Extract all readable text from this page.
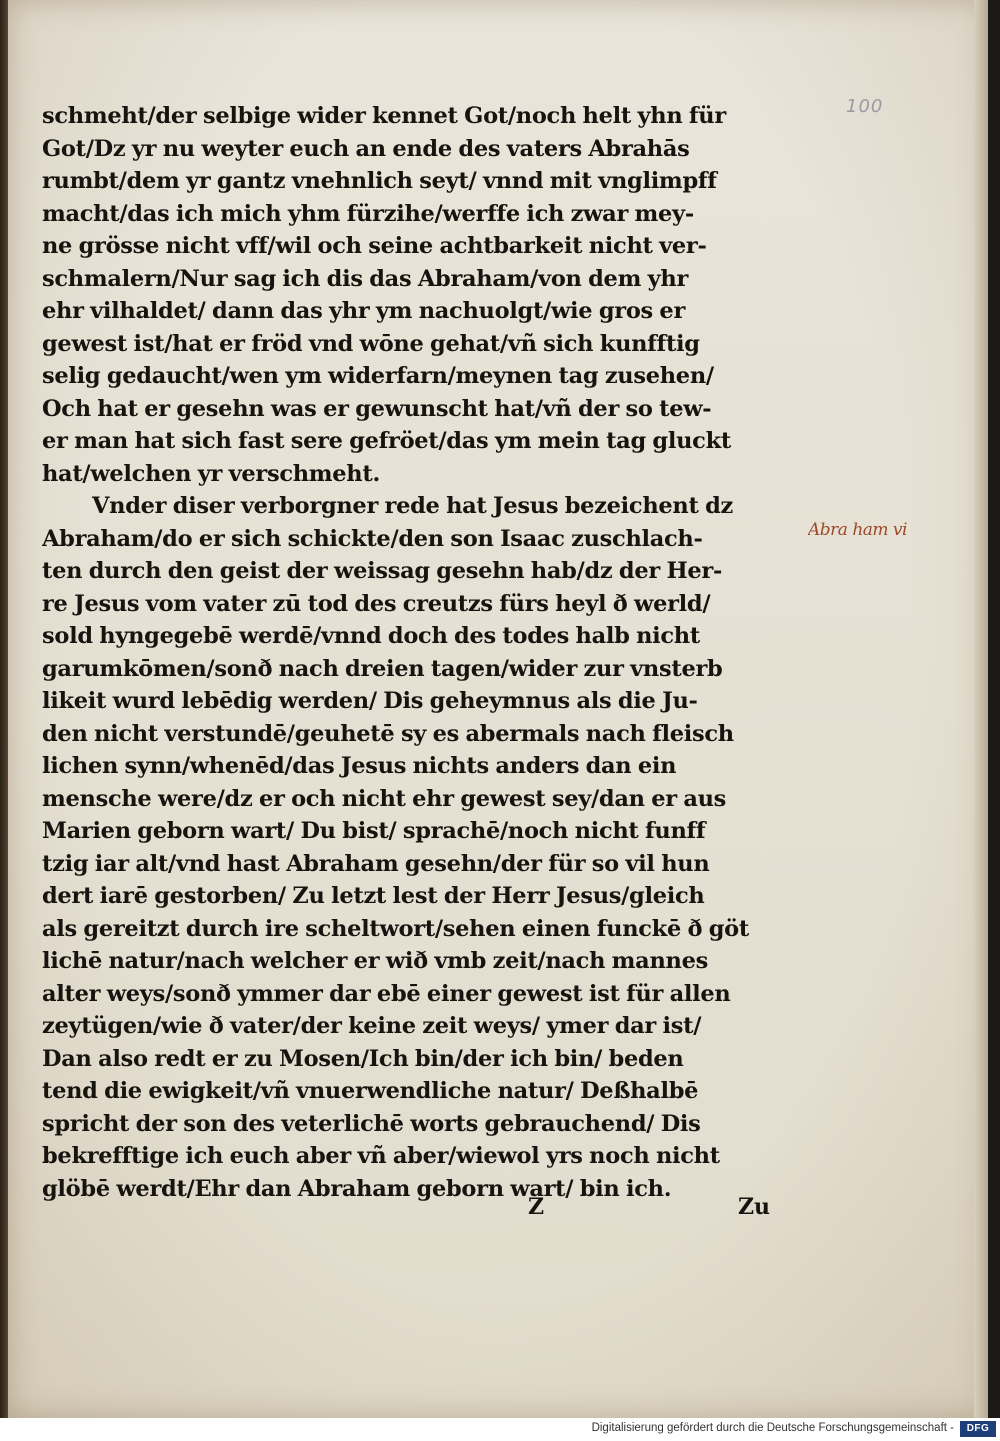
100
schmeht/der selbige wider kennet Got/noch helt yhn für
Got/Dz yr nu weyter euch an ende des vaters Abrahās
rumbt/dem yr gantz vnehnlich seyt/ vnnd mit vnglimpff
macht/das ich mich yhm fürzihe/werffe ich zwar mey-
ne grösse nicht vff/wil och seine achtbarkeit nicht ver-
schmalern/Nur sag ich dis das Abraham/von dem yhr
ehr vilhaldet/ dann das yhr ym nachuolgt/wie gros er
gewest ist/hat er fröd vnd wōne gehat/vñ sich kunfftig
selig gedaucht/wen ym widerfarn/meynen tag zusehen/
Och hat er gesehn was er gewunscht hat/vñ der so tew-
er man hat sich fast sere gefröet/das ym mein tag gluckt
hat/welchen yr verschmeht.
Vnder diser verborgner rede hat Jesus bezeichent dz
Abraham/do er sich schickte/den son Isaac zuschlach-
ten durch den geist der weissag gesehn hab/dz der Her-
re Jesus vom vater zū tod des creutzs fürs heyl ð werld/
sold hyngegebē werdē/vnnd doch des todes halb nicht
garumkōmen/sonð nach dreien tagen/wider zur vnsterb
likeit wurd lebēdig werden/ Dis geheymnus als die Ju-
den nicht verstundē/geuhetē sy es abermals nach fleisch
lichen synn/whenēd/das Jesus nichts anders dan ein
mensche were/dz er och nicht ehr gewest sey/dan er aus
Marien geborn wart/ Du bist/ sprachē/noch nicht funff
tzig iar alt/vnd hast Abraham gesehn/der für so vil hun
dert iarē gestorben/ Zu letzt lest der Herr Jesus/gleich
als gereitzt durch ire scheltwort/sehen einen funckē ð göt
lichē natur/nach welcher er wið vmb zeit/nach mannes
alter weys/sonð ymmer dar ebē einer gewest ist für allen
zeytügen/wie ð vater/der keine zeit weys/ ymer dar ist/
Dan also redt er zu Mosen/Ich bin/der ich bin/ beden
tend die ewigkeit/vñ vnuerwendliche natur/ Deßhalbē
spricht der son des veterlichē worts gebrauchend/ Dis
bekrefftige ich euch aber vñ aber/wiewol yrs noch nicht
glöbē werdt/Ehr dan Abraham geborn wart/ bin ich.
Abra ham vi
Z	Zu
Digitalisierung gefördert durch die Deutsche Forschungsgemeinschaft -	DFG
